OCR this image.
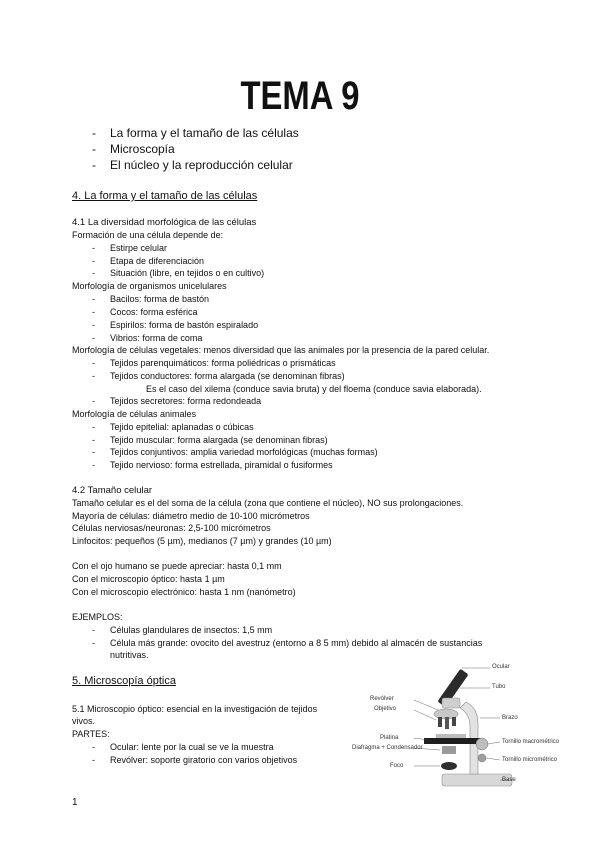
TEMA 9
- La forma y el tamaño de las células
- Microscopía
- El núcleo y la reproducción celular
4. La forma y el tamaño de las células
4.1 La diversidad morfológica de las células
Formación de una célula depende de:
- Estirpe celular
- Etapa de diferenciación
- Situación (libre, en tejidos o en cultivo)
Morfología de organismos unicelulares
- Bacilos: forma de bastón
- Cocos: forma esférica
- Espirilos: forma de bastón espiralado
- Vibrios: forma de coma
Morfología de células vegetales: menos diversidad que las animales por la presencia de la pared celular.
- Tejidos parenquimáticos: forma poliédricas o prismáticas
- Tejidos conductores: forma alargada (se denominan fibras)
Es el caso del xilema (conduce savia bruta) y del floema (conduce savia elaborada).
- Tejidos secretores: forma redondeada
Morfología de células animales
- Tejido epitelial: aplanadas o cúbicas
- Tejido muscular: forma alargada (se denominan fibras)
- Tejidos conjuntivos: amplia variedad morfológicas (muchas formas)
- Tejido nervioso: forma estrellada, piramidal o fusiformes
4.2 Tamaño celular
Tamaño celular es el del soma de la célula (zona que contiene el núcleo), NO sus prolongaciones.
Mayoría de células: diámetro medio de 10-100 micrómetros
Células nerviosas/neuronas: 2,5-100 micrómetros
Linfocitos: pequeños (5 µm), medianos (7 µm) y grandes (10 µm)
Con el ojo humano se puede apreciar: hasta 0,1 mm
Con el microscopio óptico: hasta 1 µm
Con el microscopio electrónico: hasta 1 nm (nanómetro)
EJEMPLOS:
- Células glandulares de insectos: 1,5 mm
- Célula más grande: ovocito del avestruz (entorno a 8 5 mm) debido al almacén de sustancias
nutritivas.
5. Microscopía óptica
5.1 Microscopio óptico: esencial en la investigación de tejidos
vivos.
PARTES:
- Ocular: lente por la cual se ve la muestra
- Revólver: soporte giratorio con varios objetivos
Ocular
Tubo
Revólver
Objetivo
Brazo
Platina
Diafragma + Condensador
Tornillo macrométrico
Tornillo micrométrico
Foco
Base
1
